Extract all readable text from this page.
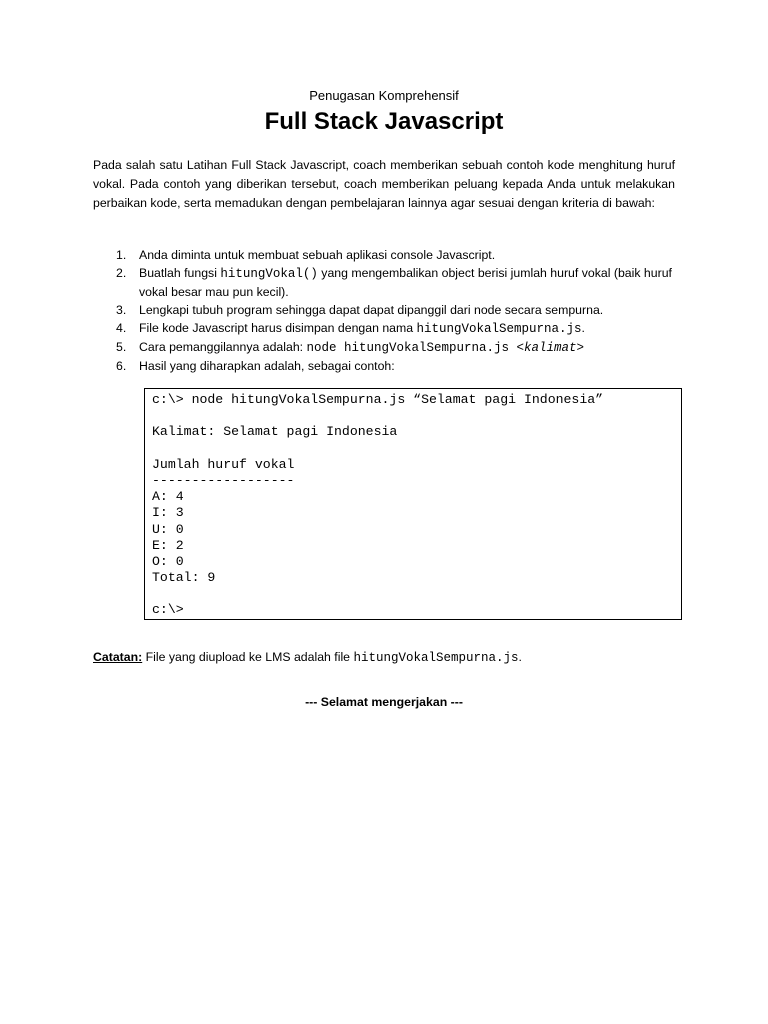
Penugasan Komprehensif
Full Stack Javascript

Pada salah satu Latihan Full Stack Javascript, coach memberikan sebuah contoh kode menghitung huruf vokal. Pada contoh yang diberikan tersebut, coach memberikan peluang kepada Anda untuk melakukan perbaikan kode, serta memadukan dengan pembelajaran lainnya agar sesuai dengan kriteria di bawah:

1. Anda diminta untuk membuat sebuah aplikasi console Javascript.
2. Buatlah fungsi hitungVokal() yang mengembalikan object berisi jumlah huruf vokal (baik huruf vokal besar mau pun kecil).
3. Lengkapi tubuh program sehingga dapat dapat dipanggil dari node secara sempurna.
4. File kode Javascript harus disimpan dengan nama hitungVokalSempurna.js.
5. Cara pemanggilannya adalah: node hitungVokalSempurna.js <kalimat>
6. Hasil yang diharapkan adalah, sebagai contoh:
c:\> node hitungVokalSempurna.js “Selamat pagi Indonesia”
Kalimat: Selamat pagi Indonesia
Jumlah huruf vokal
------------------
A: 4
I: 3
U: 0
E: 2
O: 0
Total: 9
c:\>
Catatan: File yang diupload ke LMS adalah file hitungVokalSempurna.js.
--- Selamat mengerjakan ---
